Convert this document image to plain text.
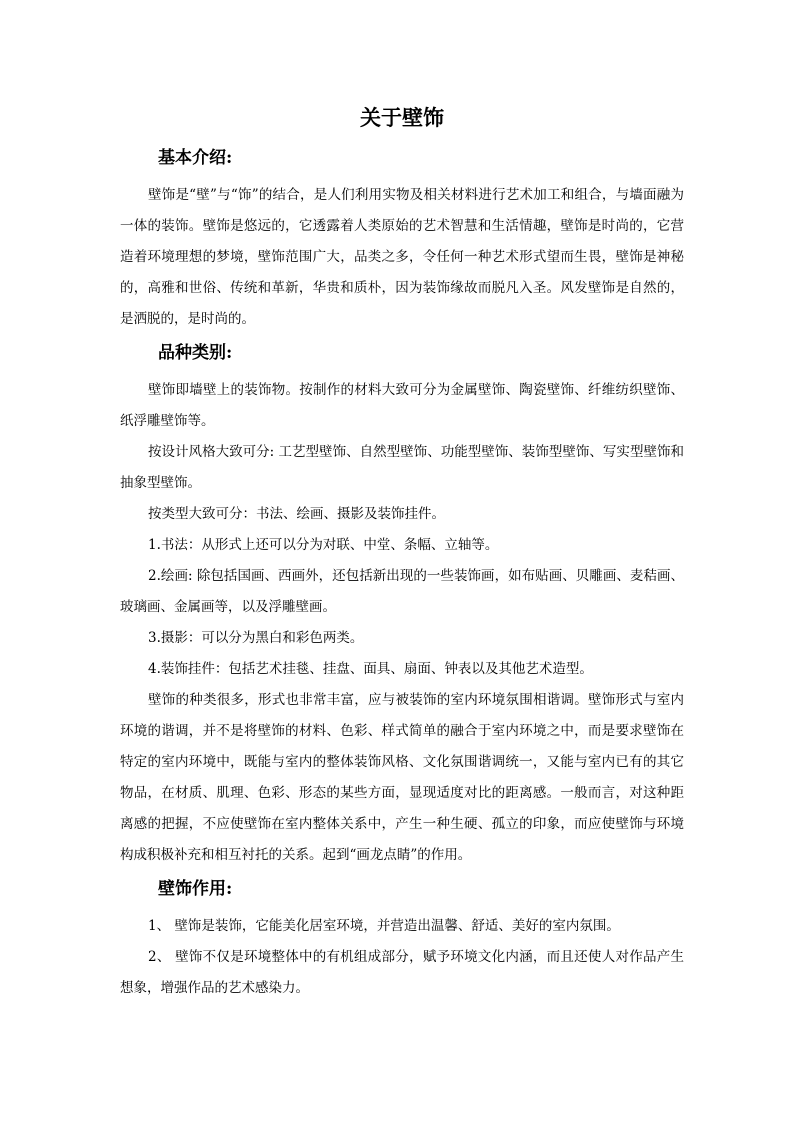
关于壁饰
基本介绍:

壁饰是“壁”与“饰”的结合，是人们利用实物及相关材料进行艺术加工和组合，与墙面融为一体的装饰。壁饰是悠远的，它透露着人类原始的艺术智慧和生活情趣，壁饰是时尚的，它营造着环境理想的梦境，壁饰范围广大，品类之多，令任何一种艺术形式望而生畏，壁饰是神秘的，高雅和世俗、传统和革新，华贵和质朴，因为装饰缘故而脱凡入圣。风发壁饰是自然的，是洒脱的，是时尚的。

品种类别:

壁饰即墙壁上的装饰物。按制作的材料大致可分为金属壁饰、陶瓷壁饰、纤维纺织壁饰、纸浮雕壁饰等。

按设计风格大致可分: 工艺型壁饰、自然型壁饰、功能型壁饰、装饰型壁饰、写实型壁饰和抽象型壁饰。

按类型大致可分：书法、绘画、摄影及装饰挂件。

1.书法：从形式上还可以分为对联、中堂、条幅、立轴等。

2.绘画: 除包括国画、西画外，还包括新出现的一些装饰画，如布贴画、贝雕画、麦秸画、玻璃画、金属画等，以及浮雕壁画。

3.摄影：可以分为黑白和彩色两类。

4.装饰挂件：包括艺术挂毯、挂盘、面具、扇面、钟表以及其他艺术造型。

壁饰的种类很多，形式也非常丰富，应与被装饰的室内环境氛围相谐调。壁饰形式与室内环境的谐调，并不是将壁饰的材料、色彩、样式简单的融合于室内环境之中，而是要求壁饰在特定的室内环境中，既能与室内的整体装饰风格、文化氛围谐调统一，又能与室内已有的其它物品，在材质、肌理、色彩、形态的某些方面，显现适度对比的距离感。一般而言，对这种距离感的把握，不应使壁饰在室内整体关系中，产生一种生硬、孤立的印象，而应使壁饰与环境构成积极补充和相互衬托的关系。起到“画龙点睛”的作用。

壁饰作用:

1、 壁饰是装饰，它能美化居室环境，并营造出温馨、舒适、美好的室内氛围。

2、 壁饰不仅是环境整体中的有机组成部分，赋予环境文化内涵，而且还使人对作品产生想象，增强作品的艺术感染力。
